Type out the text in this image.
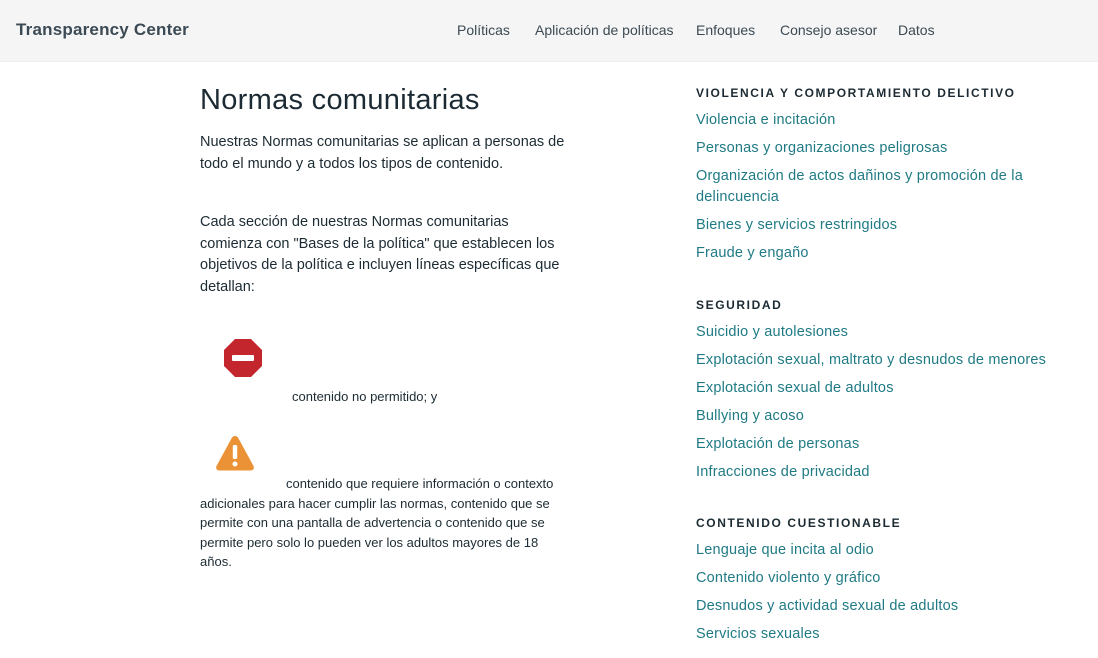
Transparency Center	Políticas Aplicación de políticas Enfoques Consejo asesor Datos
Normas comunitarias

Nuestras Normas comunitarias se aplican a personas de todo el mundo y a todos los tipos de contenido.

Cada sección de nuestras Normas comunitarias comienza con "Bases de la política" que establecen los objetivos de la política e incluyen líneas específicas que detallan:

contenido no permitido; y

contenido que requiere información o contexto adicionales para hacer cumplir las normas, contenido que se permite con una pantalla de advertencia o contenido que se permite pero solo lo pueden ver los adultos mayores de 18 años.

VIOLENCIA Y COMPORTAMIENTO DELICTIVO
Violencia e incitación
Personas y organizaciones peligrosas
Organización de actos dañinos y promoción de la delincuencia
Bienes y servicios restringidos
Fraude y engaño
SEGURIDAD
Suicidio y autolesiones
Explotación sexual, maltrato y desnudos de menores
Explotación sexual de adultos
Bullying y acoso
Explotación de personas
Infracciones de privacidad
CONTENIDO CUESTIONABLE
Lenguaje que incita al odio
Contenido violento y gráfico
Desnudos y actividad sexual de adultos
Servicios sexuales
